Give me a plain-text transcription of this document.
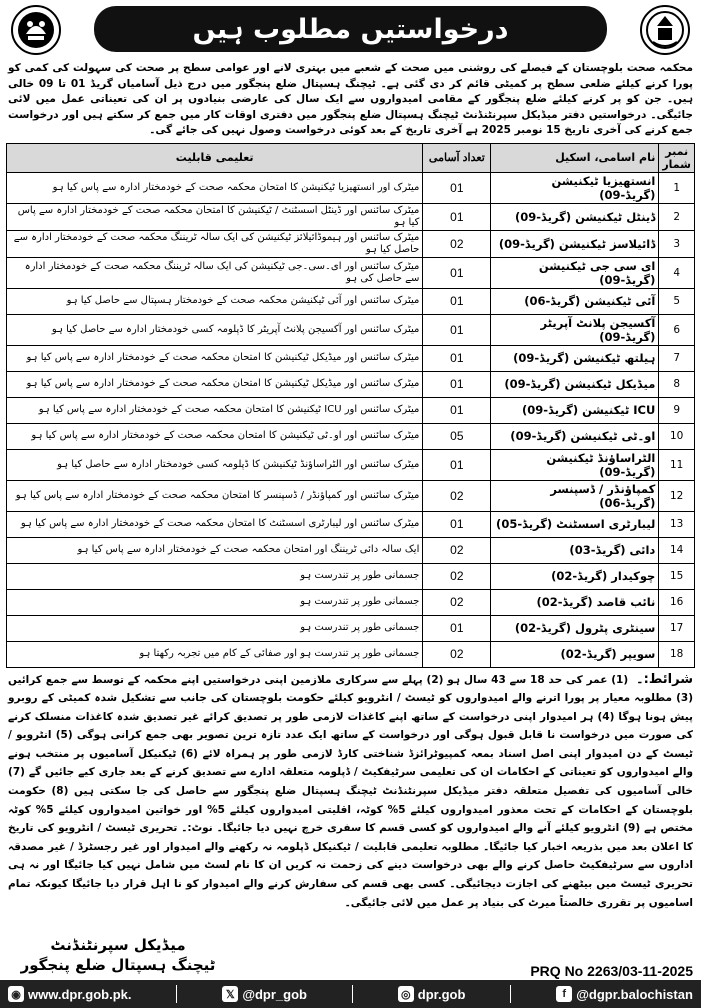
درخواستیں مطلوب ہیں
محکمہ صحت بلوچستان کے فیصلے کی روشنی میں صحت کے شعبے میں بہتری لانے اور عوامی سطح پر صحت کی سہولت کی کمی کو پورا کرنے کیلئے ضلعی سطح پر کمیٹی قائم کر دی گئی ہے۔ ٹیچنگ ہسپتال ضلع پنجگور میں درج ذیل آسامیاں گریڈ 01 تا 09 خالی ہیں۔ جن کو پر کرنے کیلئے ضلع پنجگور کے مقامی امیدواروں سے ایک سال کی عارضی بنیادوں پر ان کی تعیناتی عمل میں لائی جائیگی۔ درخواستیں دفتر میڈیکل سپرنٹنڈنٹ ٹیچنگ ہسپتال ضلع پنجگور میں دفتری اوقات کار میں جمع کر سکتے ہیں اور درخواست جمع کرنے کی آخری تاریخ 15 نومبر 2025 ہے آخری تاریخ کے بعد کوئی درخواست وصول نہیں کی جائے گی۔
نمبر شمار	نام اسامی، اسکیل	تعداد آسامی	تعلیمی قابلیت
1	انستھیزیا ٹیکنیشن (گریڈ-09)	01	میٹرک اور انستھیزیا ٹیکنیشن کا امتحان محکمہ صحت کے خودمختار ادارہ سے پاس کیا ہو
2	ڈینٹل ٹیکنیشن (گریڈ-09)	01	میٹرک سائنس اور ڈینٹل اسسٹنٹ / ٹیکنیشن کا امتحان محکمہ صحت کے خودمختار ادارہ سے پاس کیا ہو
3	ڈائیلاسز ٹیکنیشن (گریڈ-09)	02	میٹرک سائنس اور ہیموڈائیلائز ٹیکنیشن کی ایک سالہ ٹریننگ محکمہ صحت کے خودمختار ادارہ سے حاصل کیا ہو
4	ای سی جی ٹیکنیشن (گریڈ-09)	01	میٹرک سائنس اور ای۔سی۔جی ٹیکنیشن کی ایک سالہ ٹریننگ محکمہ صحت کے خودمختار ادارہ سے حاصل کی ہو
5	آئی ٹیکنیشن (گریڈ-06)	01	میٹرک سائنس اور آئی ٹیکنیشن محکمہ صحت کے خودمختار ہسپتال سے حاصل کیا ہو
6	آکسیجن پلانٹ آپریٹر (گریڈ-09)	01	میٹرک سائنس اور آکسیجن پلانٹ آپریٹر کا ڈپلومہ کسی خودمختار ادارہ سے حاصل کیا ہو
7	ہیلتھ ٹیکنیشن (گریڈ-09)	01	میٹرک سائنس اور میڈیکل ٹیکنیشن کا امتحان محکمہ صحت کے خودمختار ادارہ سے پاس کیا ہو
8	میڈیکل ٹیکنیشن (گریڈ-09)	01	میٹرک سائنس اور میڈیکل ٹیکنیشن کا امتحان محکمہ صحت کے خودمختار ادارہ سے پاس کیا ہو
9	ICU ٹیکنیشن (گریڈ-09)	01	میٹرک سائنس اور ICU ٹیکنیشن کا امتحان محکمہ صحت کے خودمختار ادارہ سے پاس کیا ہو
10	او۔ٹی ٹیکنیشن (گریڈ-09)	05	میٹرک سائنس اور او۔ٹی ٹیکنیشن کا امتحان محکمہ صحت کے خودمختار ادارہ سے پاس کیا ہو
11	الٹراساؤنڈ ٹیکنیشن (گریڈ-09)	01	میٹرک سائنس اور الٹراساؤنڈ ٹیکنیشن کا ڈپلومہ کسی خودمختار ادارہ سے حاصل کیا ہو
12	کمپاؤنڈر / ڈسپنسر (گریڈ-06)	02	میٹرک سائنس اور کمپاؤنڈر / ڈسپنسر کا امتحان محکمہ صحت کے خودمختار ادارہ سے پاس کیا ہو
13	لیبارٹری اسسٹنٹ (گریڈ-05)	01	میٹرک سائنس اور لیبارٹری اسسٹنٹ کا امتحان محکمہ صحت کے خودمختار ادارہ سے پاس کیا ہو
14	دائی (گریڈ-03)	02	ایک سالہ دائی ٹریننگ اور امتحان محکمہ صحت کے خودمختار ادارہ سے پاس کیا ہو
15	چوکیدار (گریڈ-02)	02	جسمانی طور پر تندرست ہو
16	نائب قاصد (گریڈ-02)	02	جسمانی طور پر تندرست ہو
17	سینٹری پٹرول (گریڈ-02)	01	جسمانی طور پر تندرست ہو
18	سویپر (گریڈ-02)	02	جسمانی طور پر تندرست ہو اور صفائی کے کام میں تجربہ رکھتا ہو
شرائط:۔ (1) عمر کی حد 18 سے 43 سال ہو (2) پہلے سے سرکاری ملازمین اپنی درخواستیں اپنے محکمہ کے توسط سے جمع کرائیں (3) مطلوبہ معیار پر پورا اترنے والے امیدواروں کو ٹیسٹ / انٹرویو کیلئے حکومت بلوچستان کی جانب سے تشکیل شدہ کمیٹی کے روبرو پیش ہونا ہوگا (4) ہر امیدوار اپنی درخواست کے ساتھ اپنے کاغذات لازمی طور پر تصدیق کرائے غیر تصدیق شدہ کاغذات منسلک کرنے کی صورت میں درخواست نا قابل قبول ہوگی اور درخواست کے ساتھ ایک عدد تازہ ترین تصویر بھی جمع کرانی ہوگی (5) انٹرویو / ٹیسٹ کے دن امیدوار اپنی اصل اسناد بمعہ کمپیوٹرائزڈ شناختی کارڈ لازمی طور پر ہمراہ لائے (6) ٹیکنیکل آسامیوں پر منتخب ہونے والے امیدواروں کو تعیناتی کے احکامات ان کی تعلیمی سرٹیفکیٹ / ڈپلومہ متعلقہ ادارے سے تصدیق کرنے کے بعد جاری کیے جائیں گے (7) خالی آسامیوں کی تفصیل متعلقہ دفتر میڈیکل سپرنٹنڈنٹ ٹیچنگ ہسپتال ضلع پنجگور سے حاصل کی جا سکتی ہیں (8) حکومت بلوچستان کے احکامات کے تحت معذور امیدواروں کیلئے 5% کوٹہ، اقلیتی امیدواروں کیلئے 5% اور خواتین امیدواروں کیلئے 5% کوٹہ مختص ہے (9) انٹرویو کیلئے آنے والے امیدواروں کو کسی قسم کا سفری خرچ نہیں دیا جائیگا۔ نوٹ:۔ تحریری ٹیسٹ / انٹرویو کی تاریخ کا اعلان بعد میں بذریعہ اخبار کیا جائیگا۔ مطلوبہ تعلیمی قابلیت / ٹیکنیکل ڈپلومہ نہ رکھنے والے امیدوار اور غیر رجسٹرڈ / غیر مصدقہ اداروں سے سرٹیفکیٹ حاصل کرنے والے بھی درخواست دینے کی زحمت نہ کریں ان کا نام لسٹ میں شامل نہیں کیا جائیگا اور نہ ہی تحریری ٹیسٹ میں بیٹھنے کی اجازت دیجائیگی۔ کسی بھی قسم کی سفارش کرنے والے امیدوار کو نا اہل قرار دیا جائیگا کیونکہ تمام اسامیوں پر تقرری خالصتاً میرٹ کی بنیاد پر عمل میں لائی جائیگی۔
میڈیکل سپرنٹنڈنٹ
ٹیچنگ ہسپتال ضلع پنجگور	PRQ No 2263/03-11-2025
◉ www.dpr.gob.pk.	𝕏 @dpr_gob	◎ dpr.gob	f @dgpr.balochistan
